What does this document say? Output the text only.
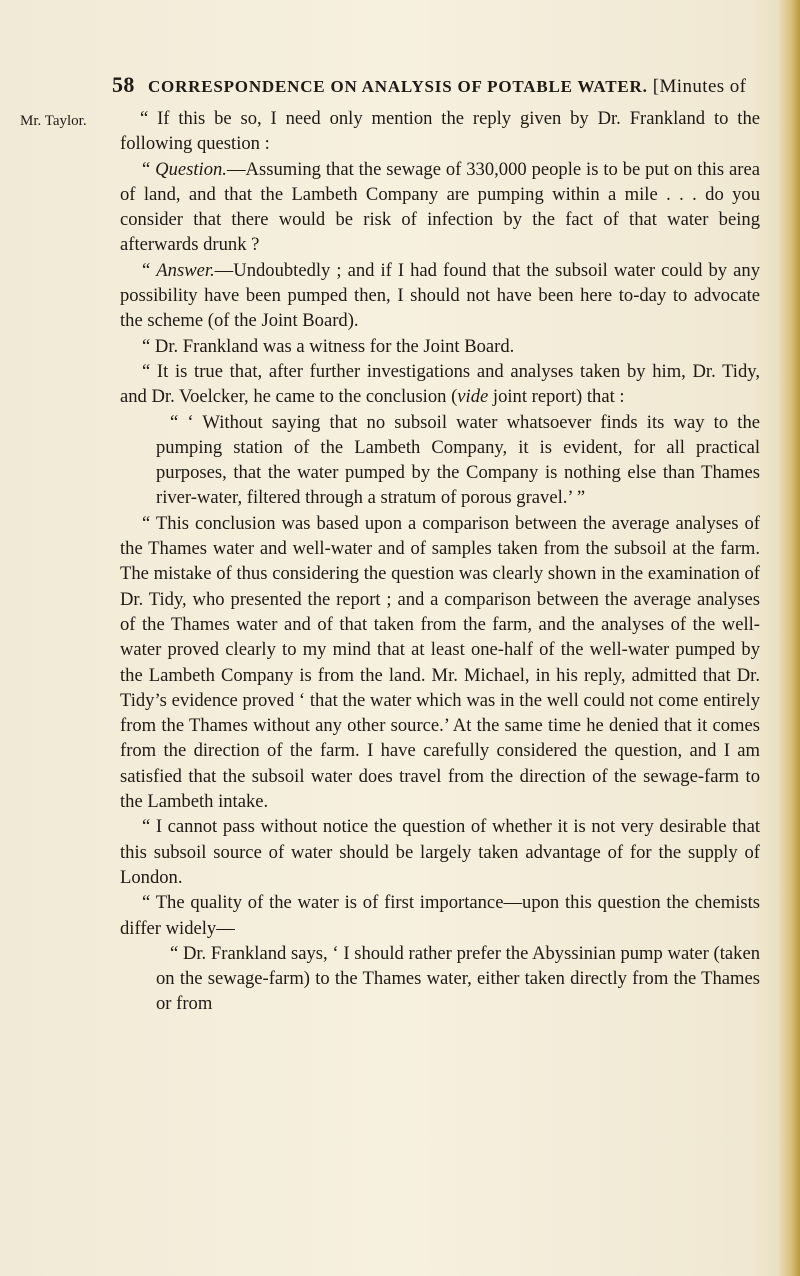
58 CORRESPONDENCE ON ANALYSIS OF POTABLE WATER. [Minutes of
Mr. Taylor.	“ If this be so, I need only mention the reply given by Dr. Frankland to the following question :

“ Question.—Assuming that the sewage of 330,000 people is to be put on this area of land, and that the Lambeth Company are pumping within a mile . . . do you consider that there would be risk of infection by the fact of that water being afterwards drunk ?

“ Answer.—Undoubtedly ; and if I had found that the subsoil water could by any possibility have been pumped then, I should not have been here to-day to advocate the scheme (of the Joint Board).

“ Dr. Frankland was a witness for the Joint Board.

“ It is true that, after further investigations and analyses taken by him, Dr. Tidy, and Dr. Voelcker, he came to the conclusion (vide joint report) that :

“ ‘ Without saying that no subsoil water whatsoever finds its way to the pumping station of the Lambeth Company, it is evident, for all practical purposes, that the water pumped by the Company is nothing else than Thames river-water, filtered through a stratum of porous gravel.’ ”

“ This conclusion was based upon a comparison between the average analyses of the Thames water and well-water and of samples taken from the subsoil at the farm. The mistake of thus considering the question was clearly shown in the examination of Dr. Tidy, who presented the report ; and a comparison between the average analyses of the Thames water and of that taken from the farm, and the analyses of the well-water proved clearly to my mind that at least one-half of the well-water pumped by the Lambeth Company is from the land. Mr. Michael, in his reply, admitted that Dr. Tidy’s evidence proved ‘ that the water which was in the well could not come entirely from the Thames without any other source.’ At the same time he denied that it comes from the direction of the farm. I have carefully considered the question, and I am satisfied that the subsoil water does travel from the direction of the sewage-farm to the Lambeth intake.

“ I cannot pass without notice the question of whether it is not very desirable that this subsoil source of water should be largely taken advantage of for the supply of London.

“ The quality of the water is of first importance—upon this question the chemists differ widely—

“ Dr. Frankland says, ‘ I should rather prefer the Abyssinian pump water (taken on the sewage-farm) to the Thames water, either taken directly from the Thames or from
